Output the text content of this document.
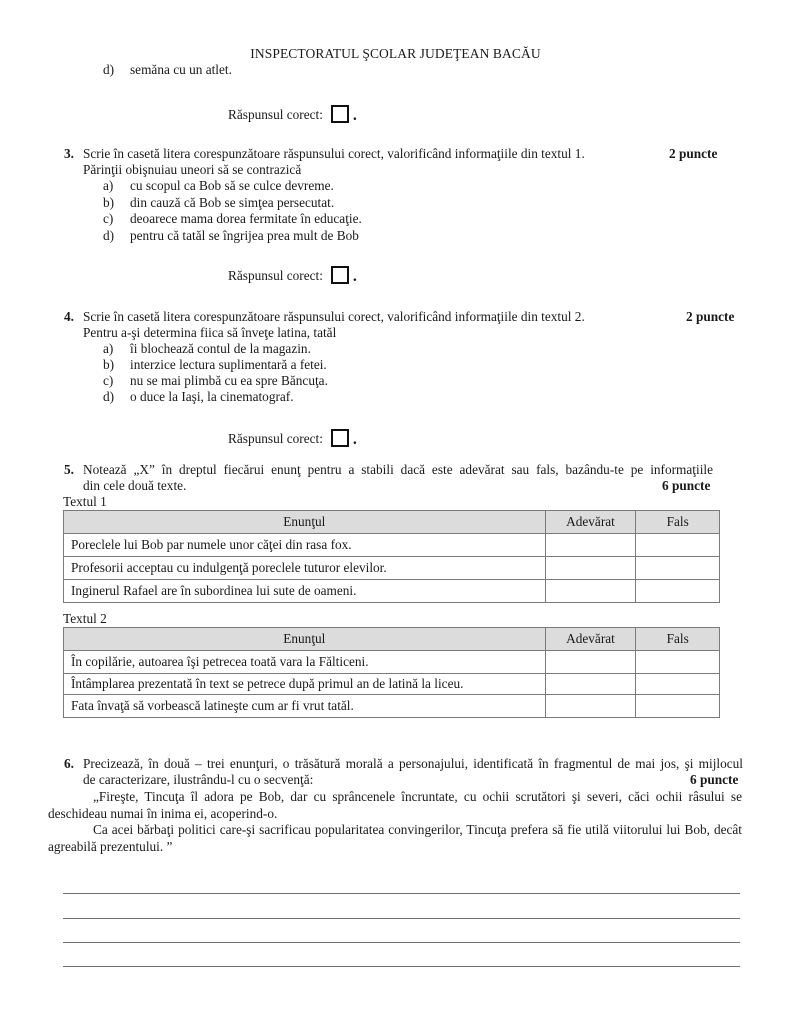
INSPECTORATUL ŞCOLAR JUDEŢEAN BACĂU
d) semăna cu un atlet.
Răspunsul corect: .
3. Scrie în casetă litera corespunzătoare răspunsului corect, valorificând informaţiile din textul 1.	2 puncte
Părinţii obişnuiau uneori să se contrazică
a) cu scopul ca Bob să se culce devreme.
b) din cauză că Bob se simţea persecutat.
c) deoarece mama dorea fermitate în educaţie.
d) pentru că tatăl se îngrijea prea mult de Bob
Răspunsul corect: .
4. Scrie în casetă litera corespunzătoare răspunsului corect, valorificând informaţiile din textul 2.	2 puncte
Pentru a-şi determina fiica să înveţe latina, tatăl
a) îi blochează contul de la magazin.
b) interzice lectura suplimentară a fetei.
c) nu se mai plimbă cu ea spre Băncuţa.
d) o duce la Iaşi, la cinematograf.
Răspunsul corect: .
5. Notează „X” în dreptul fiecărui enunţ pentru a stabili dacă este adevărat sau fals, bazându-te pe informaţiile
din cele două texte.	6 puncte
Textul 1
Enunţul	Adevărat	Fals
Poreclele lui Bob par numele unor căţei din rasa fox.		
Profesorii acceptau cu indulgenţă poreclele tuturor elevilor.		
Inginerul Rafael are în subordinea lui sute de oameni.		
Textul 2
Enunţul	Adevărat	Fals
În copilărie, autoarea îşi petrecea toată vara la Fălticeni.		
Întâmplarea prezentată în text se petrece după primul an de latină la liceu.		
Fata învaţă să vorbească latineşte cum ar fi vrut tatăl.		
6. Precizează, în două – trei enunţuri, o trăsătură morală a personajului, identificată în fragmentul de mai jos, şi mijlocul
de caracterizare, ilustrându-l cu o secvenţă:	6 puncte

„Fireşte, Tincuţa îl adora pe Bob, dar cu sprâncenele încruntate, cu ochii scrutători şi severi, căci ochii râsului se deschideau numai în inima ei, acoperind-o.

Ca acei bărbaţi politici care-şi sacrificau popularitatea convingerilor, Tincuţa prefera să fie utilă viitorului lui Bob, decât agreabilă prezentului. ”
